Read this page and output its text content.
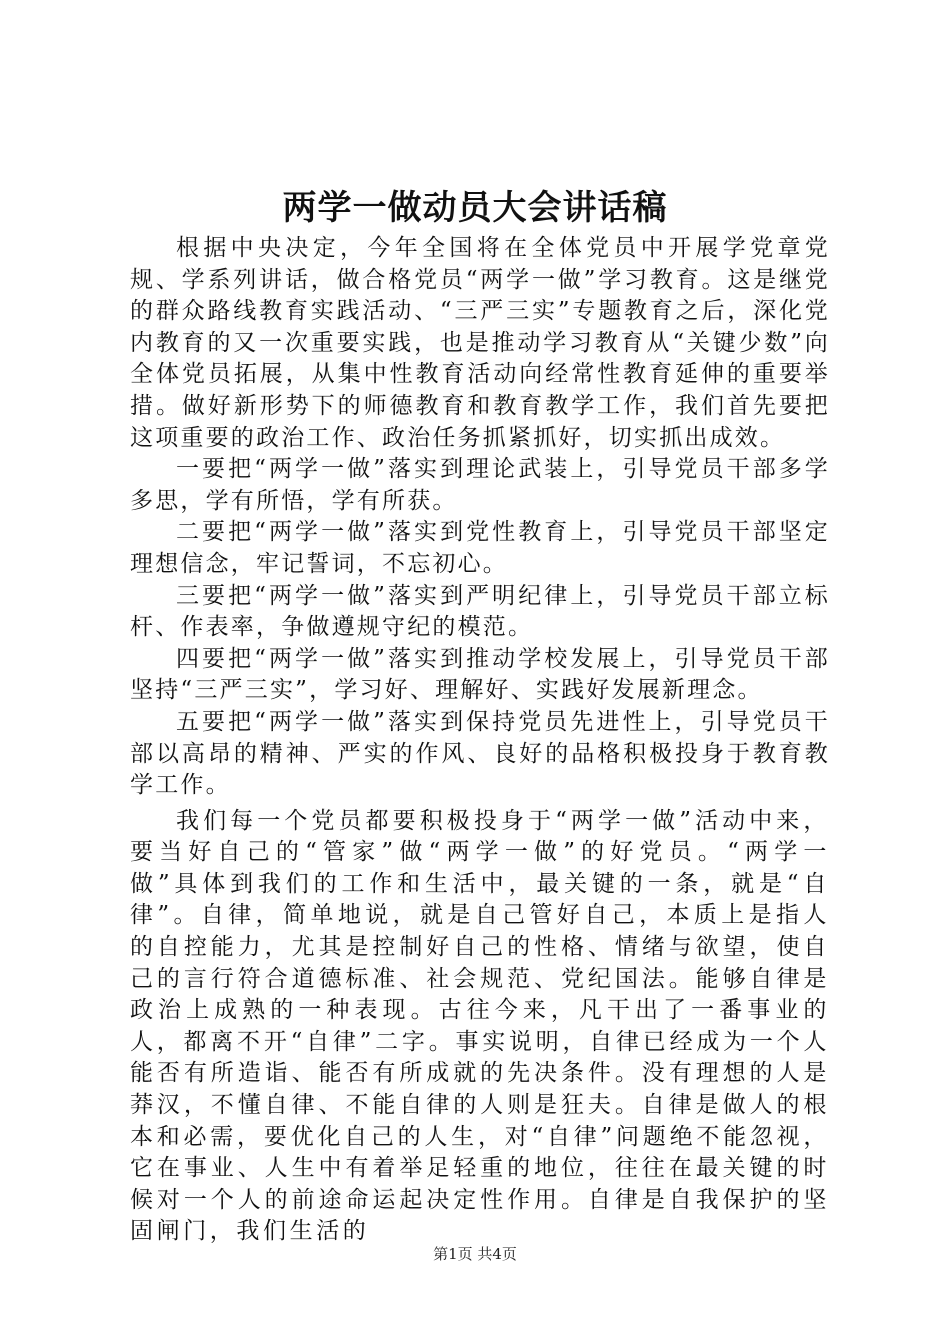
两学一做动员大会讲话稿

根据中央决定，今年全国将在全体党员中开展学党章党规、学系列讲话，做合格党员“两学一做”学习教育。这是继党的群众路线教育实践活动、“三严三实”专题教育之后，深化党内教育的又一次重要实践，也是推动学习教育从“关键少数”向全体党员拓展，从集中性教育活动向经常性教育延伸的重要举措。做好新形势下的师德教育和教育教学工作，我们首先要把这项重要的政治工作、政治任务抓紧抓好，切实抓出成效。

一要把“两学一做”落实到理论武装上，引导党员干部多学多思，学有所悟，学有所获。

二要把“两学一做”落实到党性教育上，引导党员干部坚定理想信念，牢记誓词，不忘初心。

三要把“两学一做”落实到严明纪律上，引导党员干部立标杆、作表率，争做遵规守纪的模范。

四要把“两学一做”落实到推动学校发展上，引导党员干部坚持“三严三实”，学习好、理解好、实践好发展新理念。

五要把“两学一做”落实到保持党员先进性上，引导党员干部以高昂的精神、严实的作风、良好的品格积极投身于教育教学工作。

我们每一个党员都要积极投身于“两学一做”活动中来，要当好自己的“管家”做“两学一做”的好党员。“两学一做”具体到我们的工作和生活中，最关键的一条，就是“自律”。自律，简单地说，就是自己管好自己，本质上是指人的自控能力，尤其是控制好自己的性格、情绪与欲望，使自己的言行符合道德标准、社会规范、党纪国法。能够自律是政治上成熟的一种表现。古往今来，凡干出了一番事业的人，都离不开“自律”二字。事实说明，自律已经成为一个人能否有所造诣、能否有所成就的先决条件。没有理想的人是莽汉，不懂自律、不能自律的人则是狂夫。自律是做人的根本和必需，要优化自己的人生，对“自律”问题绝不能忽视，它在事业、人生中有着举足轻重的地位，往往在最关键的时候对一个人的前途命运起决定性作用。自律是自我保护的坚固闸门，我们生活的

第1页 共4页
